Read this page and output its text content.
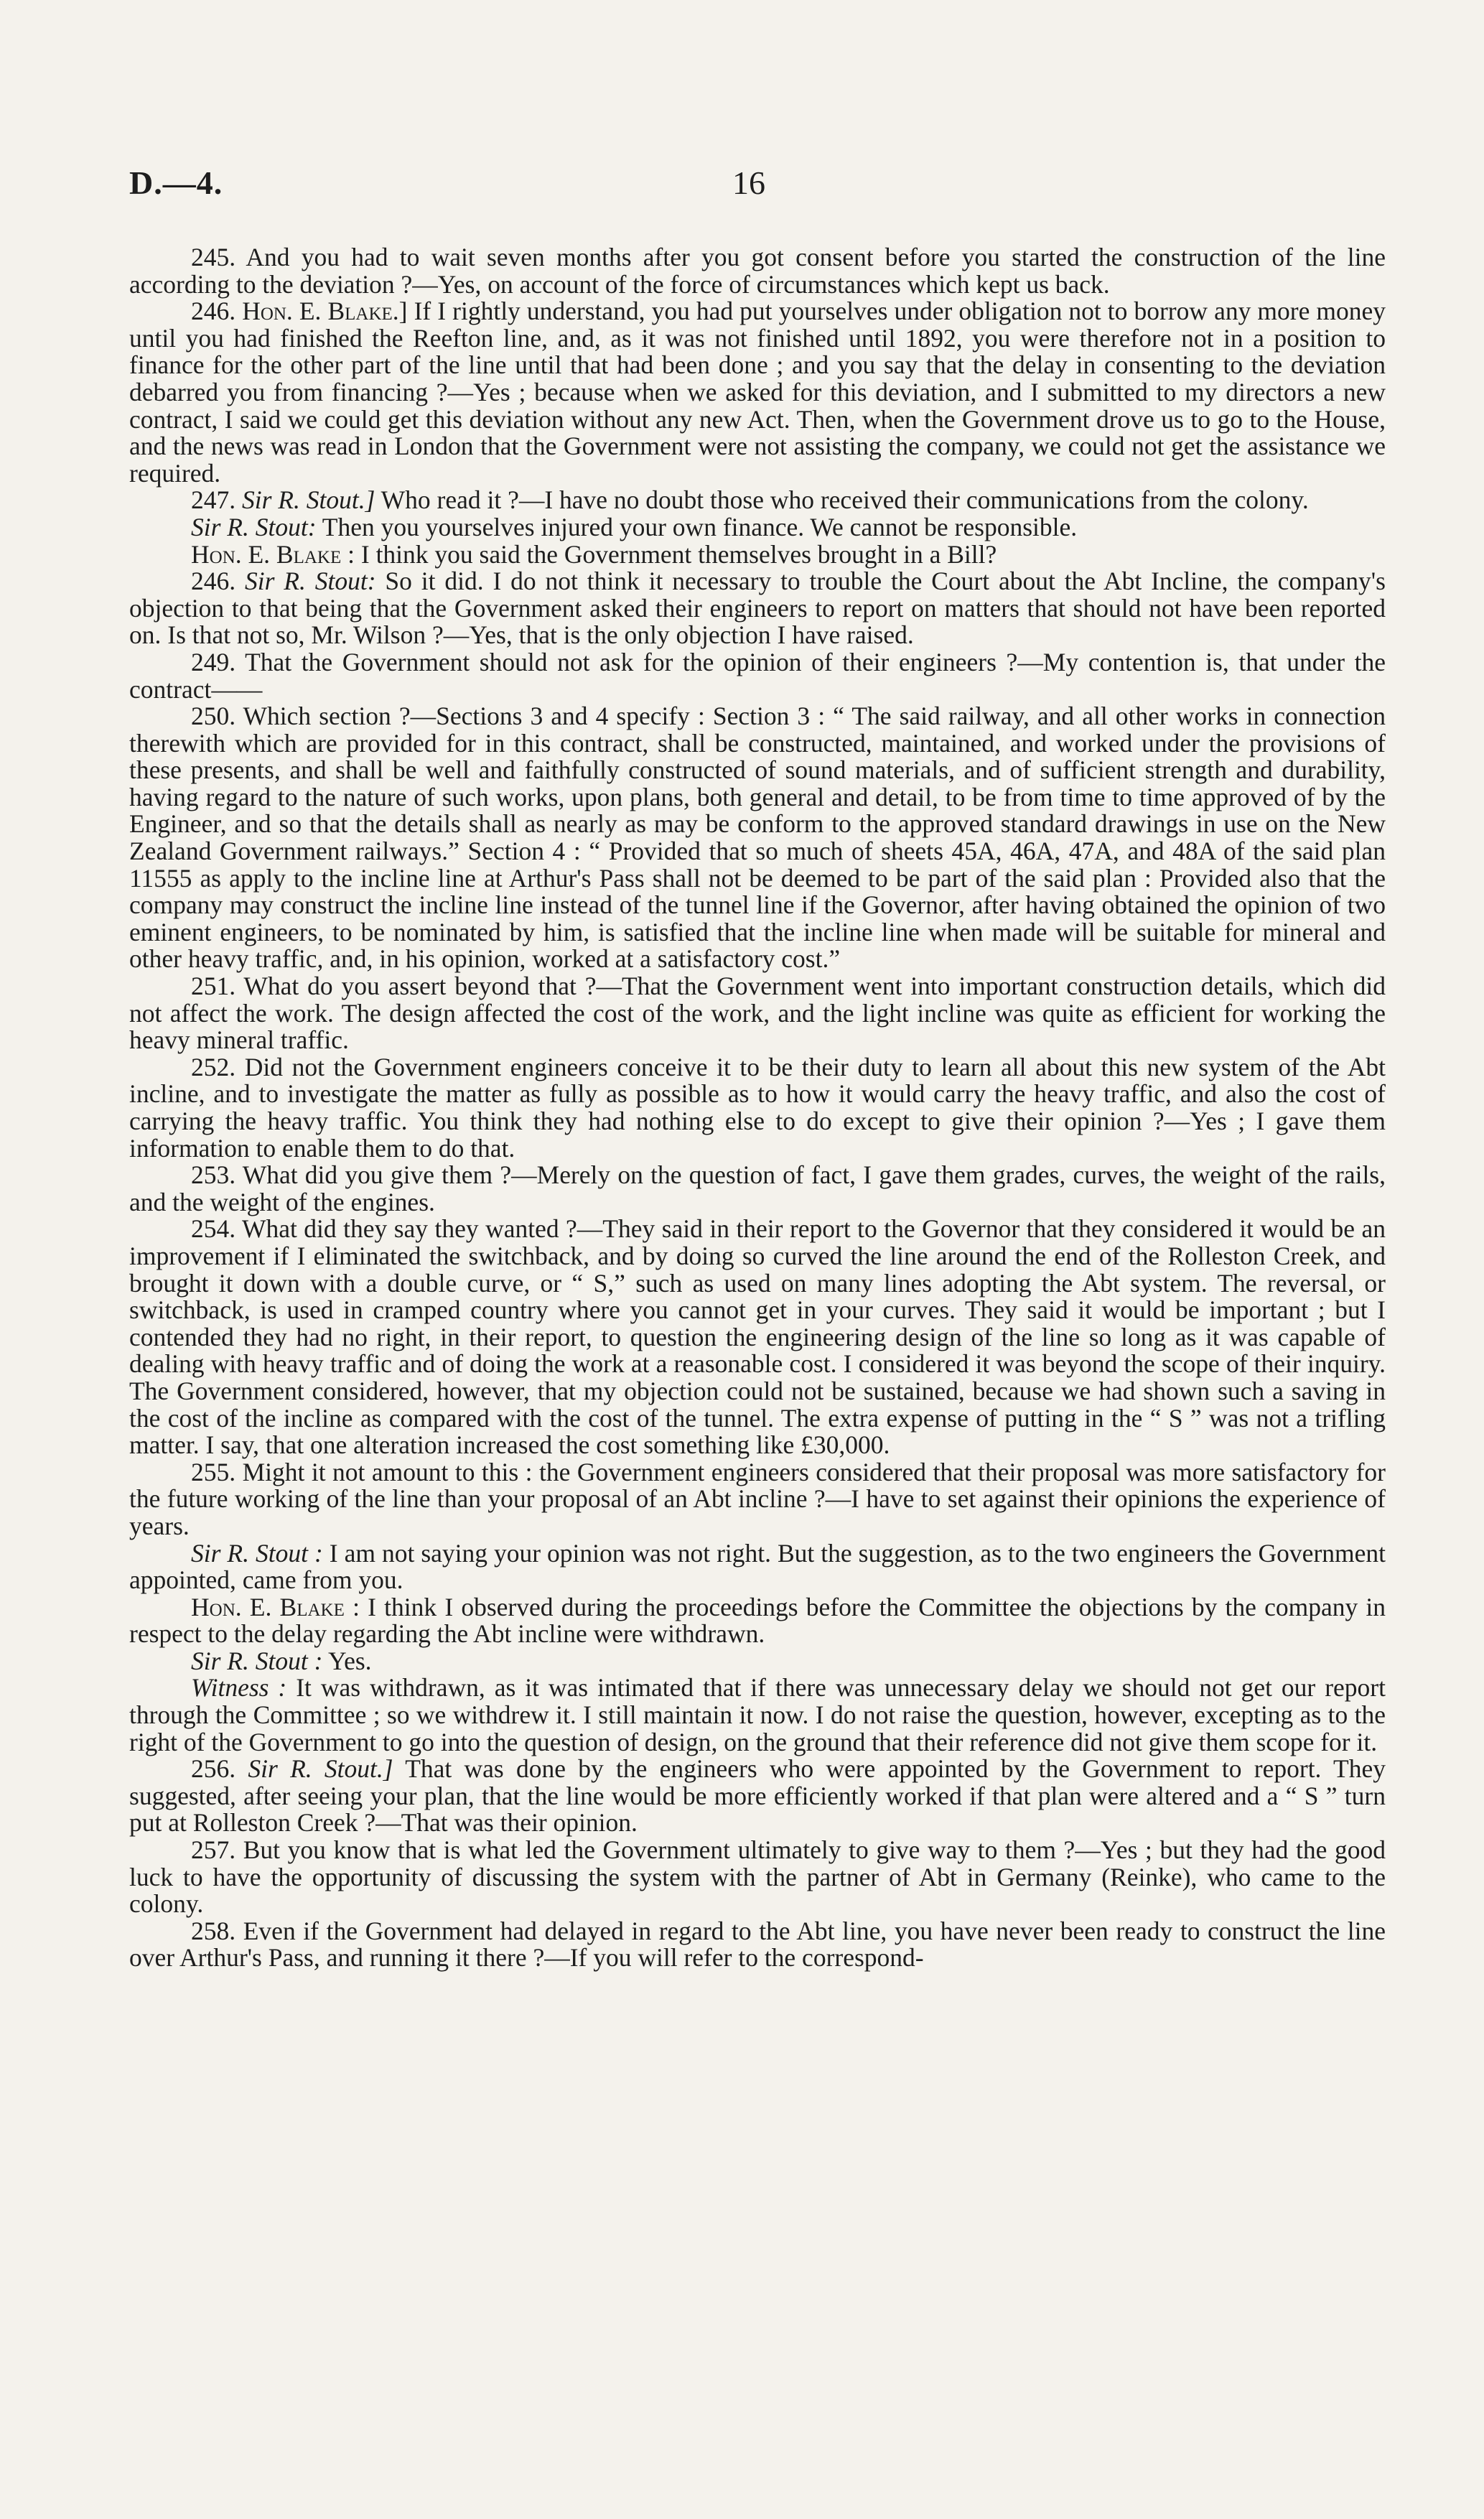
D.—4.	16

245. And you had to wait seven months after you got consent before you started the construction of the line according to the deviation ?—Yes, on account of the force of circumstances which kept us back.

246. Hon. E. Blake.] If I rightly understand, you had put yourselves under obligation not to borrow any more money until you had finished the Reefton line, and, as it was not finished until 1892, you were therefore not in a position to finance for the other part of the line until that had been done ; and you say that the delay in consenting to the deviation debarred you from financing ?—Yes ; because when we asked for this deviation, and I submitted to my directors a new contract, I said we could get this deviation without any new Act. Then, when the Government drove us to go to the House, and the news was read in London that the Government were not assisting the company, we could not get the assistance we required.

247. Sir R. Stout.] Who read it ?—I have no doubt those who received their communications from the colony.

Sir R. Stout: Then you yourselves injured your own finance. We cannot be responsible.

Hon. E. Blake : I think you said the Government themselves brought in a Bill?

246. Sir R. Stout: So it did. I do not think it necessary to trouble the Court about the Abt Incline, the company's objection to that being that the Government asked their engineers to report on matters that should not have been reported on. Is that not so, Mr. Wilson ?—Yes, that is the only objection I have raised.

249. That the Government should not ask for the opinion of their engineers ?—My contention is, that under the contract——

250. Which section ?—Sections 3 and 4 specify : Section 3 : “ The said railway, and all other works in connection therewith which are provided for in this contract, shall be constructed, maintained, and worked under the provisions of these presents, and shall be well and faithfully constructed of sound materials, and of sufficient strength and durability, having regard to the nature of such works, upon plans, both general and detail, to be from time to time approved of by the Engineer, and so that the details shall as nearly as may be conform to the approved standard drawings in use on the New Zealand Government railways.” Section 4 : “ Provided that so much of sheets 45A, 46A, 47A, and 48A of the said plan 11555 as apply to the incline line at Arthur's Pass shall not be deemed to be part of the said plan : Provided also that the company may construct the incline line instead of the tunnel line if the Governor, after having obtained the opinion of two eminent engineers, to be nominated by him, is satisfied that the incline line when made will be suitable for mineral and other heavy traffic, and, in his opinion, worked at a satisfactory cost.”

251. What do you assert beyond that ?—That the Government went into important construction details, which did not affect the work. The design affected the cost of the work, and the light incline was quite as efficient for working the heavy mineral traffic.

252. Did not the Government engineers conceive it to be their duty to learn all about this new system of the Abt incline, and to investigate the matter as fully as possible as to how it would carry the heavy traffic, and also the cost of carrying the heavy traffic. You think they had nothing else to do except to give their opinion ?—Yes ; I gave them information to enable them to do that.

253. What did you give them ?—Merely on the question of fact, I gave them grades, curves, the weight of the rails, and the weight of the engines.

254. What did they say they wanted ?—They said in their report to the Governor that they considered it would be an improvement if I eliminated the switchback, and by doing so curved the line around the end of the Rolleston Creek, and brought it down with a double curve, or “ S,” such as used on many lines adopting the Abt system. The reversal, or switchback, is used in cramped country where you cannot get in your curves. They said it would be important ; but I contended they had no right, in their report, to question the engineering design of the line so long as it was capable of dealing with heavy traffic and of doing the work at a reasonable cost. I considered it was beyond the scope of their inquiry. The Government considered, however, that my objection could not be sustained, because we had shown such a saving in the cost of the incline as compared with the cost of the tunnel. The extra expense of putting in the “ S ” was not a trifling matter. I say, that one alteration increased the cost something like £30,000.

255. Might it not amount to this : the Government engineers considered that their proposal was more satisfactory for the future working of the line than your proposal of an Abt incline ?—I have to set against their opinions the experience of years.

Sir R. Stout : I am not saying your opinion was not right. But the suggestion, as to the two engineers the Government appointed, came from you.

Hon. E. Blake : I think I observed during the proceedings before the Committee the objections by the company in respect to the delay regarding the Abt incline were withdrawn.

Sir R. Stout : Yes.

Witness : It was withdrawn, as it was intimated that if there was unnecessary delay we should not get our report through the Committee ; so we withdrew it. I still maintain it now. I do not raise the question, however, excepting as to the right of the Government to go into the question of design, on the ground that their reference did not give them scope for it.

256. Sir R. Stout.] That was done by the engineers who were appointed by the Government to report. They suggested, after seeing your plan, that the line would be more efficiently worked if that plan were altered and a “ S ” turn put at Rolleston Creek ?—That was their opinion.

257. But you know that is what led the Government ultimately to give way to them ?—Yes ; but they had the good luck to have the opportunity of discussing the system with the partner of Abt in Germany (Reinke), who came to the colony.

258. Even if the Government had delayed in regard to the Abt line, you have never been ready to construct the line over Arthur's Pass, and running it there ?—If you will refer to the correspond-
